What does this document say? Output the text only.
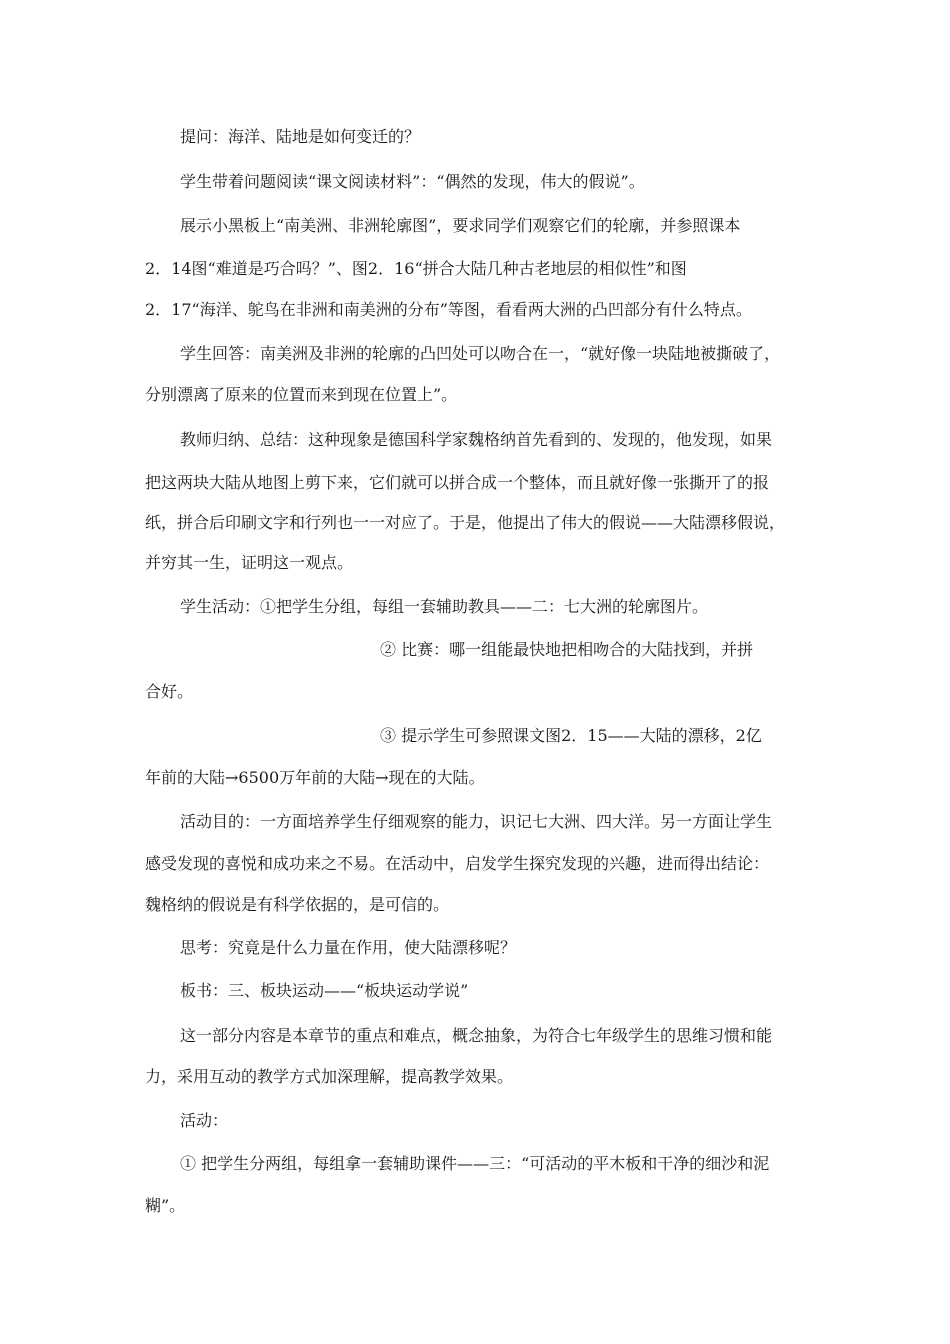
提问：海洋、陆地是如何变迁的？
学生带着问题阅读“课文阅读材料”：“偶然的发现，伟大的假说”。
展示小黑板上“南美洲、非洲轮廓图”，要求同学们观察它们的轮廓，并参照课本
2．14图“难道是巧合吗？”、图2．16“拼合大陆几种古老地层的相似性”和图
2．17“海洋、鸵鸟在非洲和南美洲的分布”等图，看看两大洲的凸凹部分有什么特点。
学生回答：南美洲及非洲的轮廓的凸凹处可以吻合在一，“就好像一块陆地被撕破了，
分别漂离了原来的位置而来到现在位置上”。
教师归纳、总结：这种现象是德国科学家魏格纳首先看到的、发现的，他发现，如果
把这两块大陆从地图上剪下来，它们就可以拼合成一个整体，而且就好像一张撕开了的报
纸，拼合后印刷文字和行列也一一对应了。于是，他提出了伟大的假说——大陆漂移假说，
并穷其一生，证明这一观点。
学生活动：①把学生分组，每组一套辅助教具——二：七大洲的轮廓图片。
② 比赛：哪一组能最快地把相吻合的大陆找到，并拼
合好。
③ 提示学生可参照课文图2．15——大陆的漂移，2亿
年前的大陆→6500万年前的大陆→现在的大陆。
活动目的：一方面培养学生仔细观察的能力，识记七大洲、四大洋。另一方面让学生
感受发现的喜悦和成功来之不易。在活动中，启发学生探究发现的兴趣，进而得出结论：
魏格纳的假说是有科学依据的，是可信的。
思考：究竟是什么力量在作用，使大陆漂移呢？
板书：三、板块运动——“板块运动学说”
这一部分内容是本章节的重点和难点，概念抽象，为符合七年级学生的思维习惯和能
力，采用互动的教学方式加深理解，提高教学效果。
活动：
① 把学生分两组，每组拿一套辅助课件——三：“可活动的平木板和干净的细沙和泥
糊”。
